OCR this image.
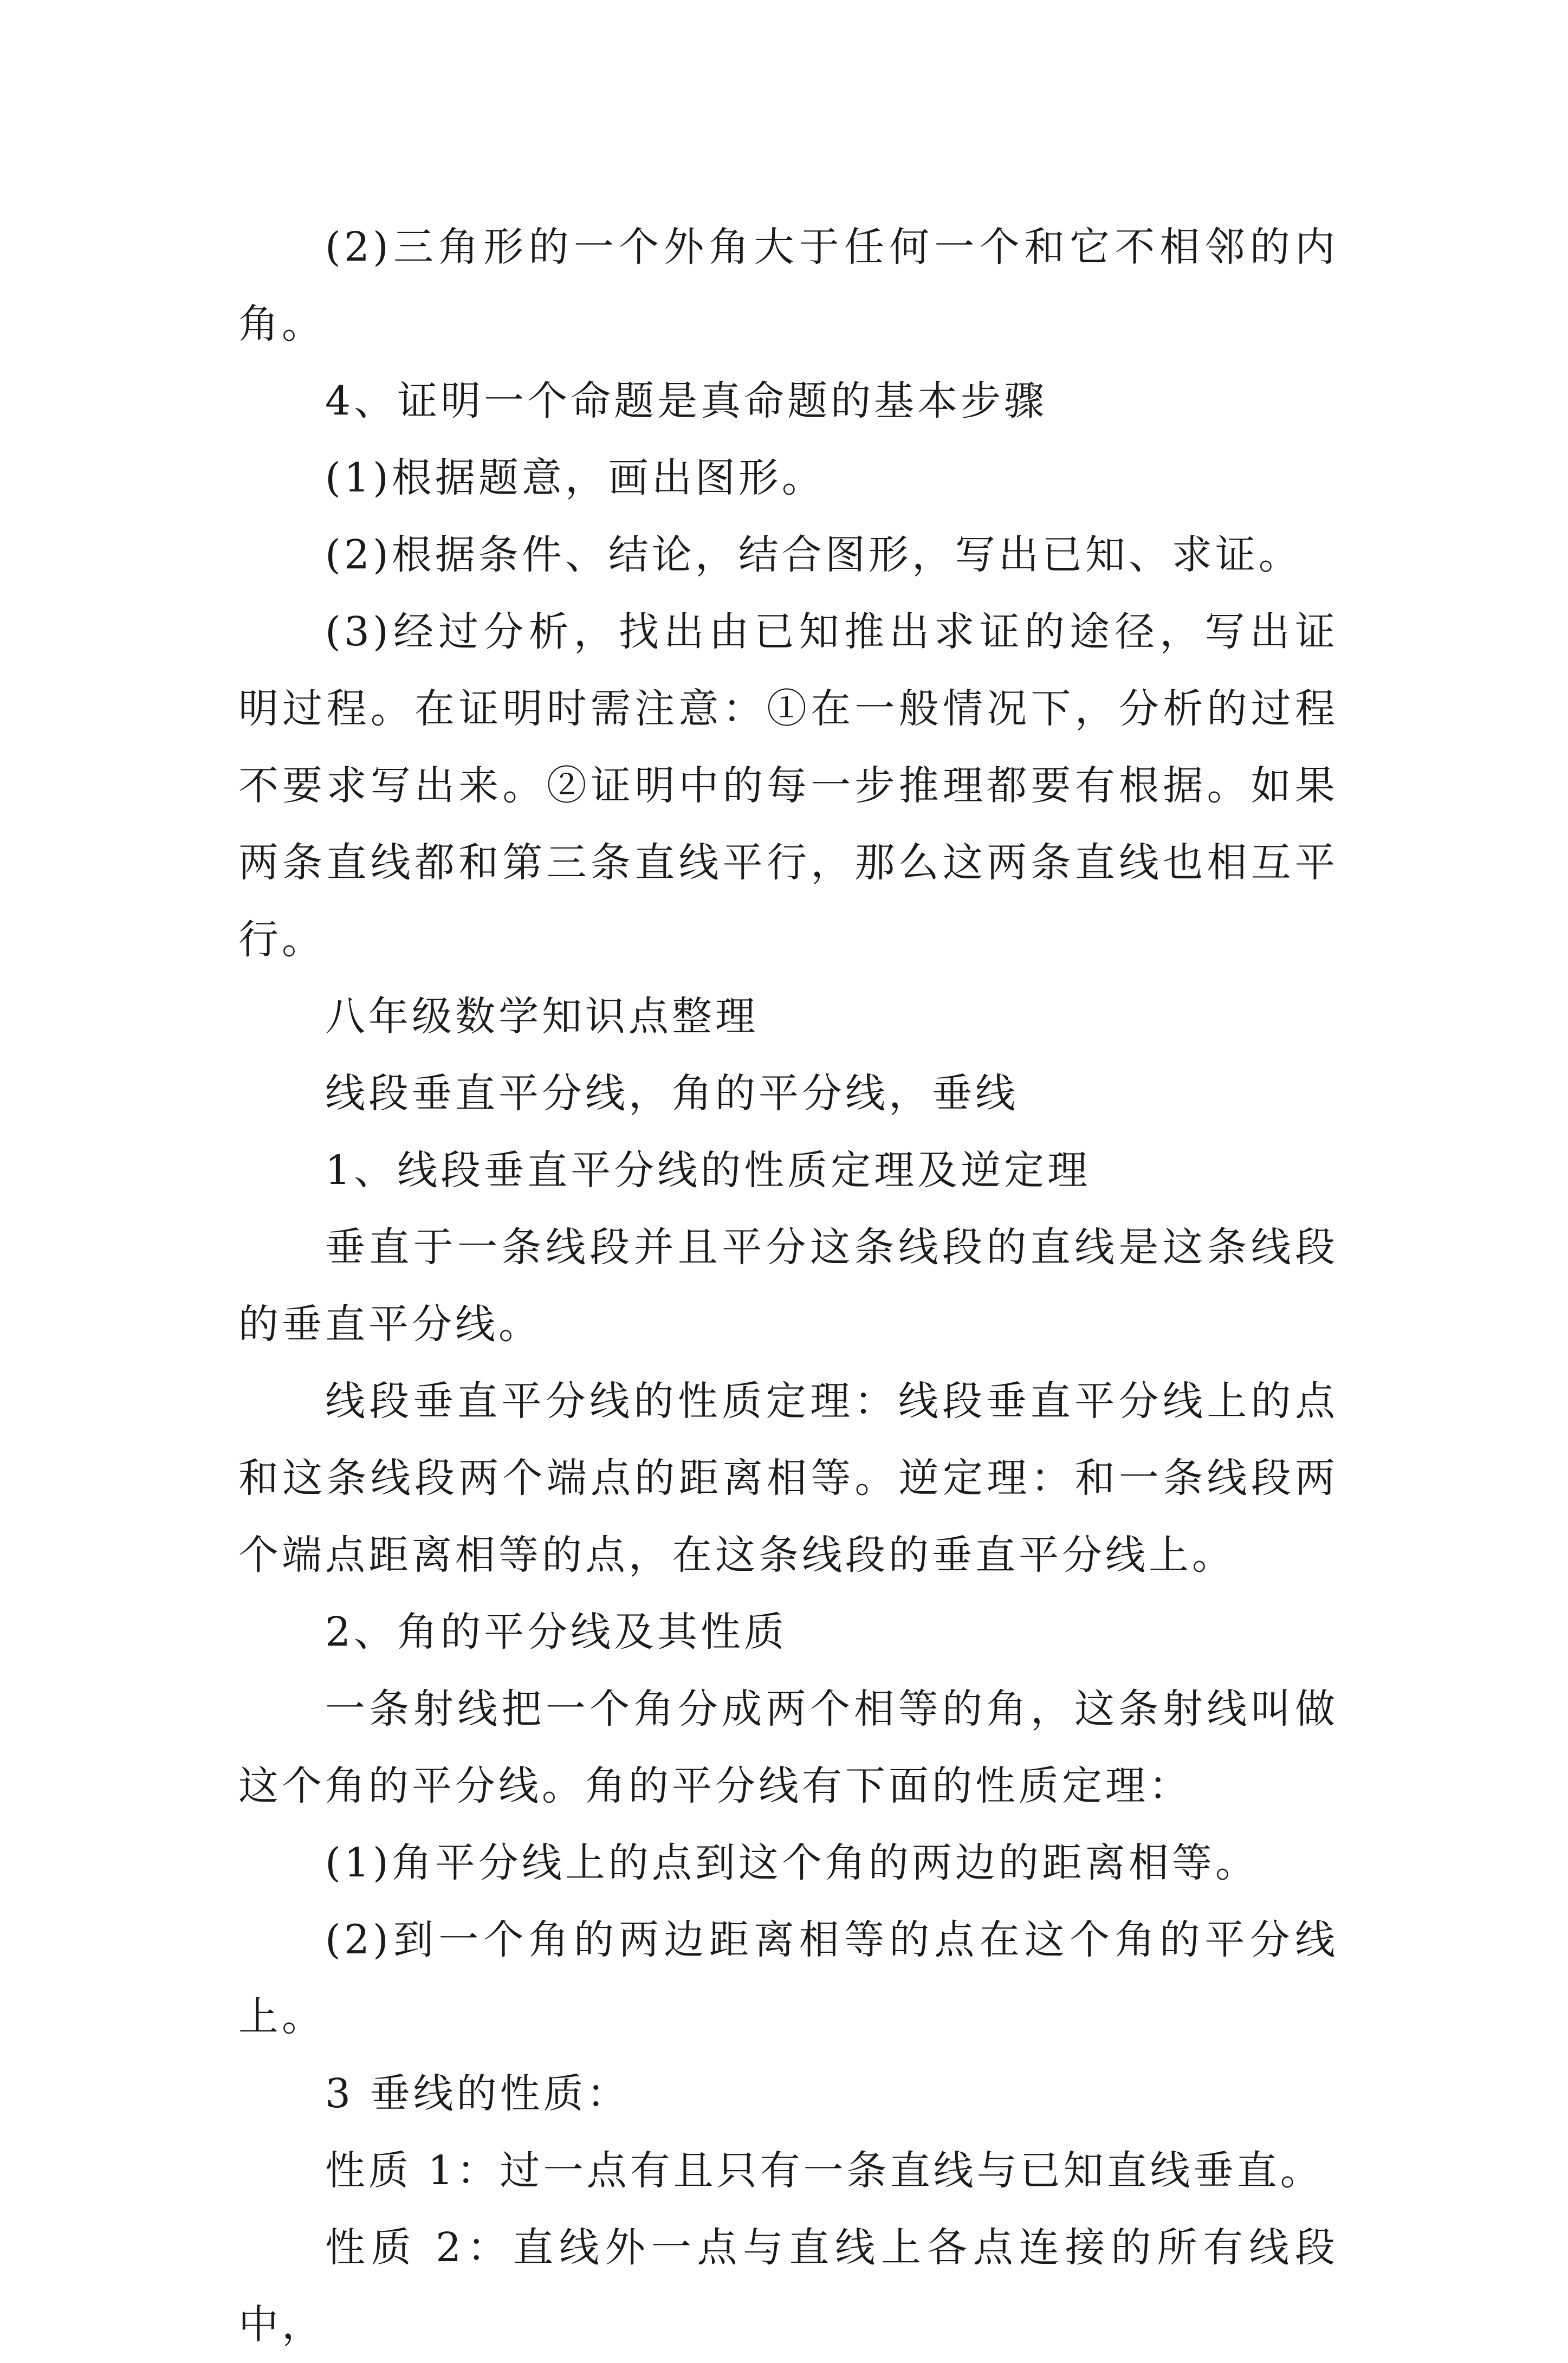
(2)三角形的一个外角大于任何一个和它不相邻的内角。

4、证明一个命题是真命题的基本步骤

(1)根据题意，画出图形。

(2)根据条件、结论，结合图形，写出已知、求证。

(3)经过分析，找出由已知推出求证的途径，写出证明过程。在证明时需注意：①在一般情况下，分析的过程不要求写出来。②证明中的每一步推理都要有根据。如果两条直线都和第三条直线平行，那么这两条直线也相互平行。

八年级数学知识点整理

线段垂直平分线，角的平分线，垂线

1、线段垂直平分线的性质定理及逆定理

垂直于一条线段并且平分这条线段的直线是这条线段的垂直平分线。

线段垂直平分线的性质定理：线段垂直平分线上的点和这条线段两个端点的距离相等。逆定理：和一条线段两个端点距离相等的点，在这条线段的垂直平分线上。

2、角的平分线及其性质

一条射线把一个角分成两个相等的角，这条射线叫做这个角的平分线。角的平分线有下面的性质定理：

(1)角平分线上的点到这个角的两边的距离相等。

(2)到一个角的两边距离相等的点在这个角的平分线上。

3 垂线的性质：

性质 1：过一点有且只有一条直线与已知直线垂直。

性质 2：直线外一点与直线上各点连接的所有线段中，
